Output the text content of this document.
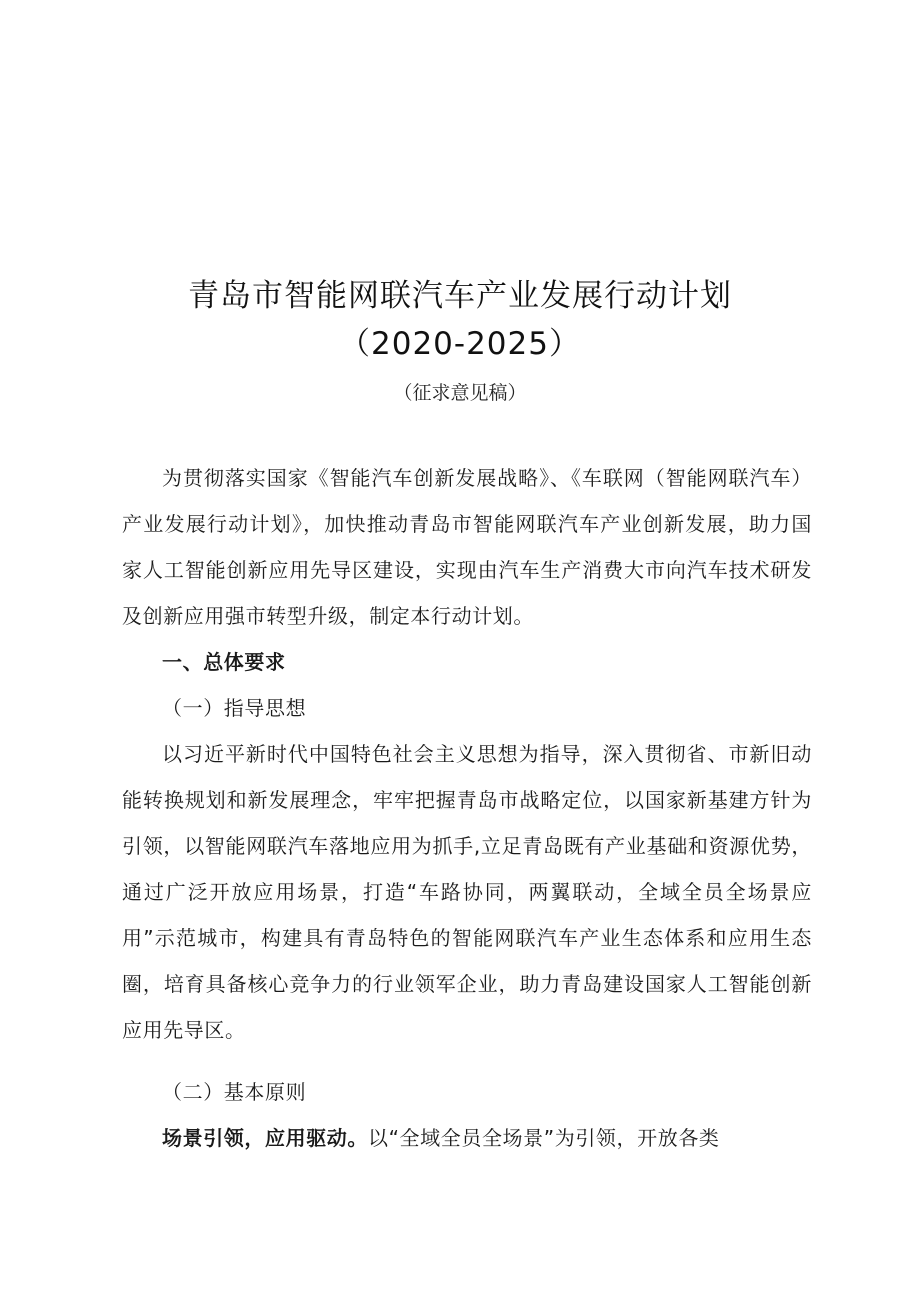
青岛市智能网联汽车产业发展行动计划
（2020-2025）
（征求意见稿）

为贯彻落实国家《智能汽车创新发展战略》、《车联网（智能网联汽车）产业发展行动计划》，加快推动青岛市智能网联汽车产业创新发展，助力国家人工智能创新应用先导区建设，实现由汽车生产消费大市向汽车技术研发及创新应用强市转型升级，制定本行动计划。

一、总体要求
（一）指导思想

以习近平新时代中国特色社会主义思想为指导，深入贯彻省、市新旧动能转换规划和新发展理念，牢牢把握青岛市战略定位，以国家新基建方针为引领，以智能网联汽车落地应用为抓手,立足青岛既有产业基础和资源优势，通过广泛开放应用场景，打造“车路协同，两翼联动，全域全员全场景应用”示范城市，构建具有青岛特色的智能网联汽车产业生态体系和应用生态圈，培育具备核心竞争力的行业领军企业，助力青岛建设国家人工智能创新应用先导区。

（二）基本原则

场景引领，应用驱动。以“全域全员全场景”为引领，开放各类
